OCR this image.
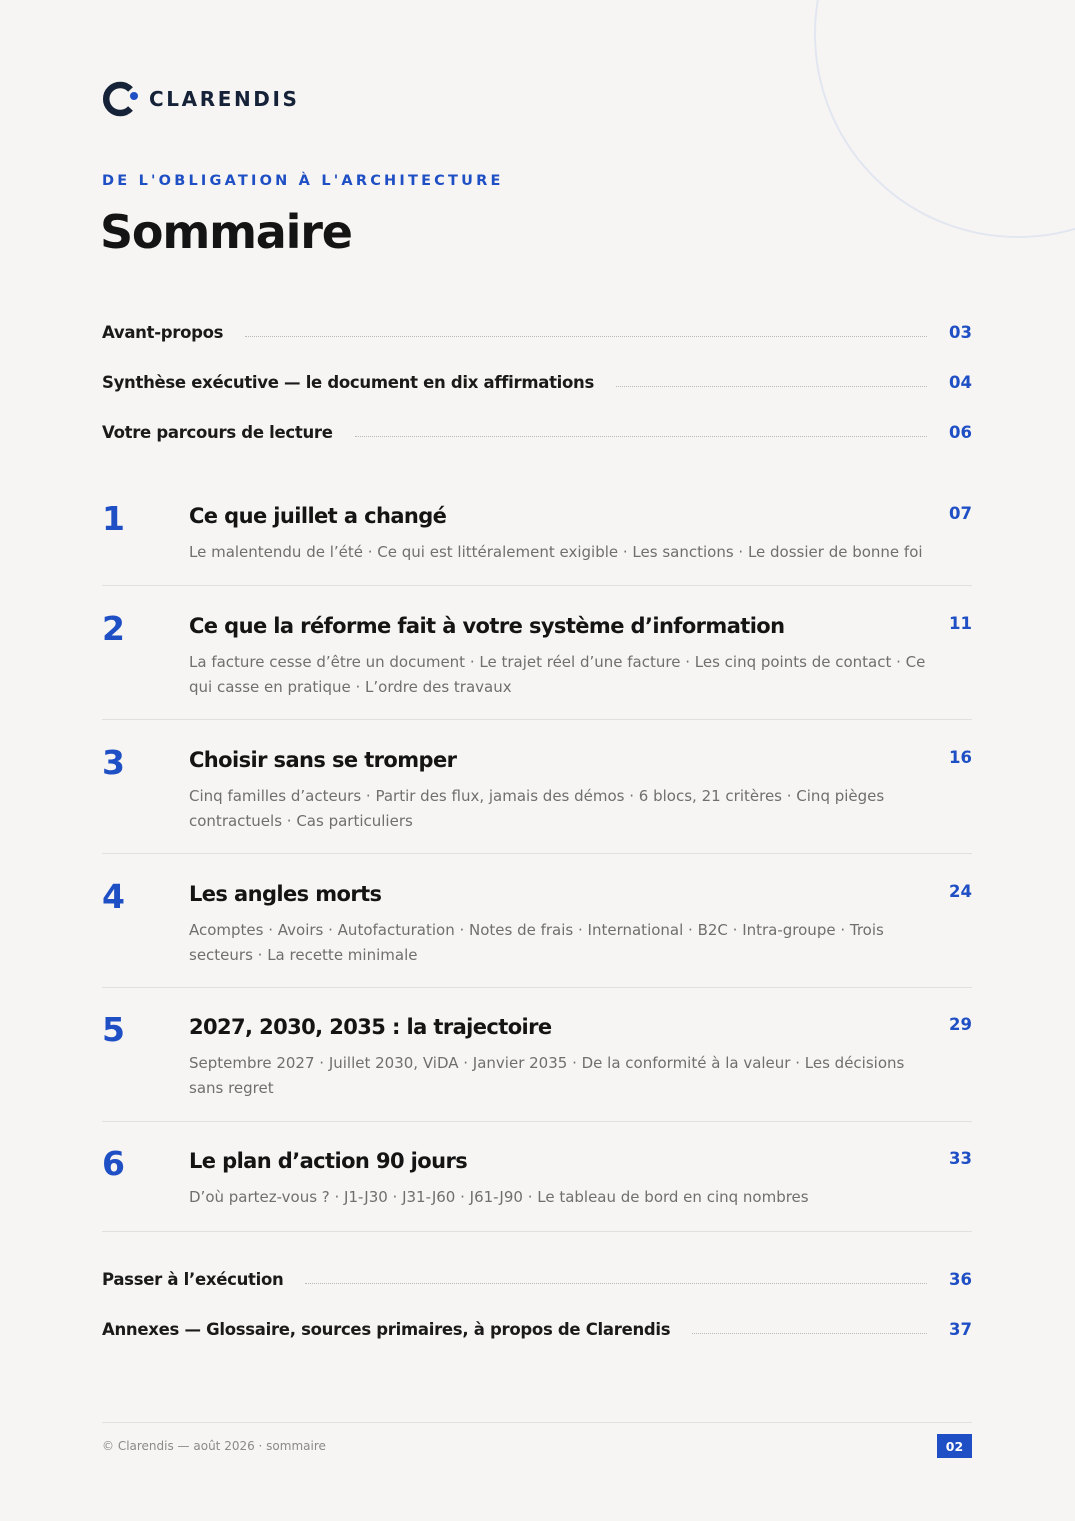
CLARENDIS
DE L'OBLIGATION À L'ARCHITECTURE
Sommaire
Avant-propos	03
Synthèse exécutive — le document en dix affirmations	04
Votre parcours de lecture	06
1	Ce que juillet a changé	07
Le malentendu de l’été · Ce qui est littéralement exigible · Les sanctions · Le dossier de bonne foi
2	Ce que la réforme fait à votre système d’information	11
La facture cesse d’être un document · Le trajet réel d’une facture · Les cinq points de contact · Ce qui casse en pratique · L’ordre des travaux
3	Choisir sans se tromper	16
Cinq familles d’acteurs · Partir des flux, jamais des démos · 6 blocs, 21 critères · Cinq pièges contractuels · Cas particuliers
4	Les angles morts	24
Acomptes · Avoirs · Autofacturation · Notes de frais · International · B2C · Intra-groupe · Trois secteurs · La recette minimale
5	2027, 2030, 2035 : la trajectoire	29
Septembre 2027 · Juillet 2030, ViDA · Janvier 2035 · De la conformité à la valeur · Les décisions sans regret
6	Le plan d’action 90 jours	33
D’où partez-vous ? · J1-J30 · J31-J60 · J61-J90 · Le tableau de bord en cinq nombres
Passer à l’exécution	36
Annexes — Glossaire, sources primaires, à propos de Clarendis	37
© Clarendis — août 2026 · sommaire	02
